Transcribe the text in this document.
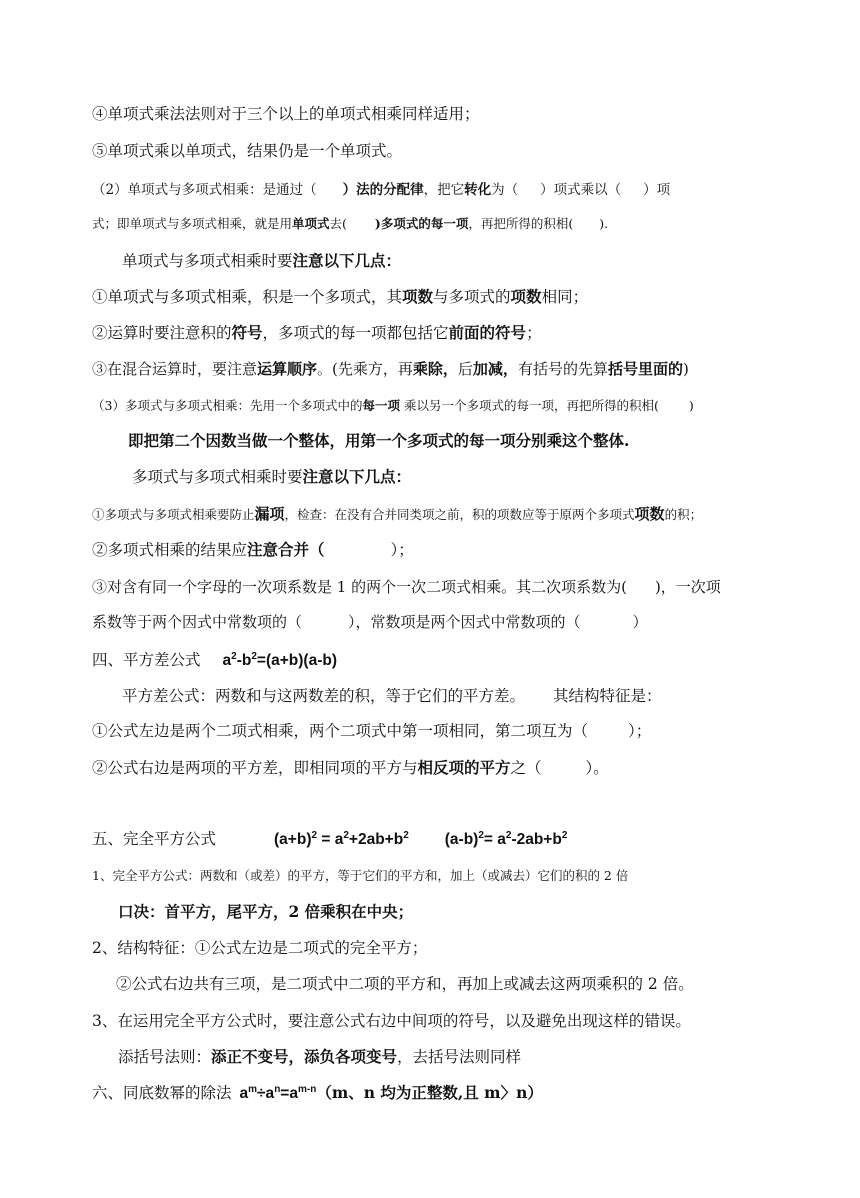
④单项式乘法法则对于三个以上的单项式相乘同样适用；
⑤单项式乘以单项式，结果仍是一个单项式。
（2）单项式与多项式相乘：是通过（ ）法的分配律，把它转化为（ ）项式乘以（ ）项
式；即单项式与多项式相乘，就是用单项式去( )多项式的每一项，再把所得的积相( ).
单项式与多项式相乘时要注意以下几点：
①单项式与多项式相乘，积是一个多项式，其项数与多项式的项数相同；
②运算时要注意积的符号，多项式的每一项都包括它前面的符号；
③在混合运算时，要注意运算顺序。(先乘方，再乘除，后加减，有括号的先算括号里面的)
（3）多项式与多项式相乘：先用一个多项式中的每一项 乘以另一个多项式的每一项，再把所得的积相( )
即把第二个因数当做一个整体，用第一个多项式的每一项分别乘这个整体.
多项式与多项式相乘时要注意以下几点：
①多项式与多项式相乘要防止漏项，检查：在没有合并同类项之前，积的项数应等于原两个多项式项数的积；
②多项式相乘的结果应注意合并（	）；
③对含有同一个字母的一次项系数是 1 的两个一次二项式相乘。其二次项系数为( )，一次项
系数等于两个因式中常数项的（	），常数项是两个因式中常数项的（	）
四、平方差公式 $a^2-b^2=(a+b)(a-b)$
平方差公式：两数和与这两数差的积，等于它们的平方差。 其结构特征是：
①公式左边是两个二项式相乘，两个二项式中第一项相同，第二项互为（	）；
②公式右边是两项的平方差，即相同项的平方与相反项的平方之（	）。
五、完全平方公式	$(a+b)^2 = a^2+2ab+b^2$ $(a-b)^2= a^2-2ab+b^2$
1、完全平方公式：两数和（或差）的平方，等于它们的平方和，加上（或减去）它们的积的 2 倍
口决：首平方，尾平方，2 倍乘积在中央；
2、结构特征：①公式左边是二项式的完全平方；
②公式右边共有三项，是二项式中二项的平方和，再加上或减去这两项乘积的 2 倍。
3、在运用完全平方公式时，要注意公式右边中间项的符号，以及避免出现这样的错误。
添括号法则：添正不变号，添负各项变号，去括号法则同样
六、同底数幂的除法 $a^m\div a^n=a^{m-n}(m$、n 均为正整数,且 m〉n）
